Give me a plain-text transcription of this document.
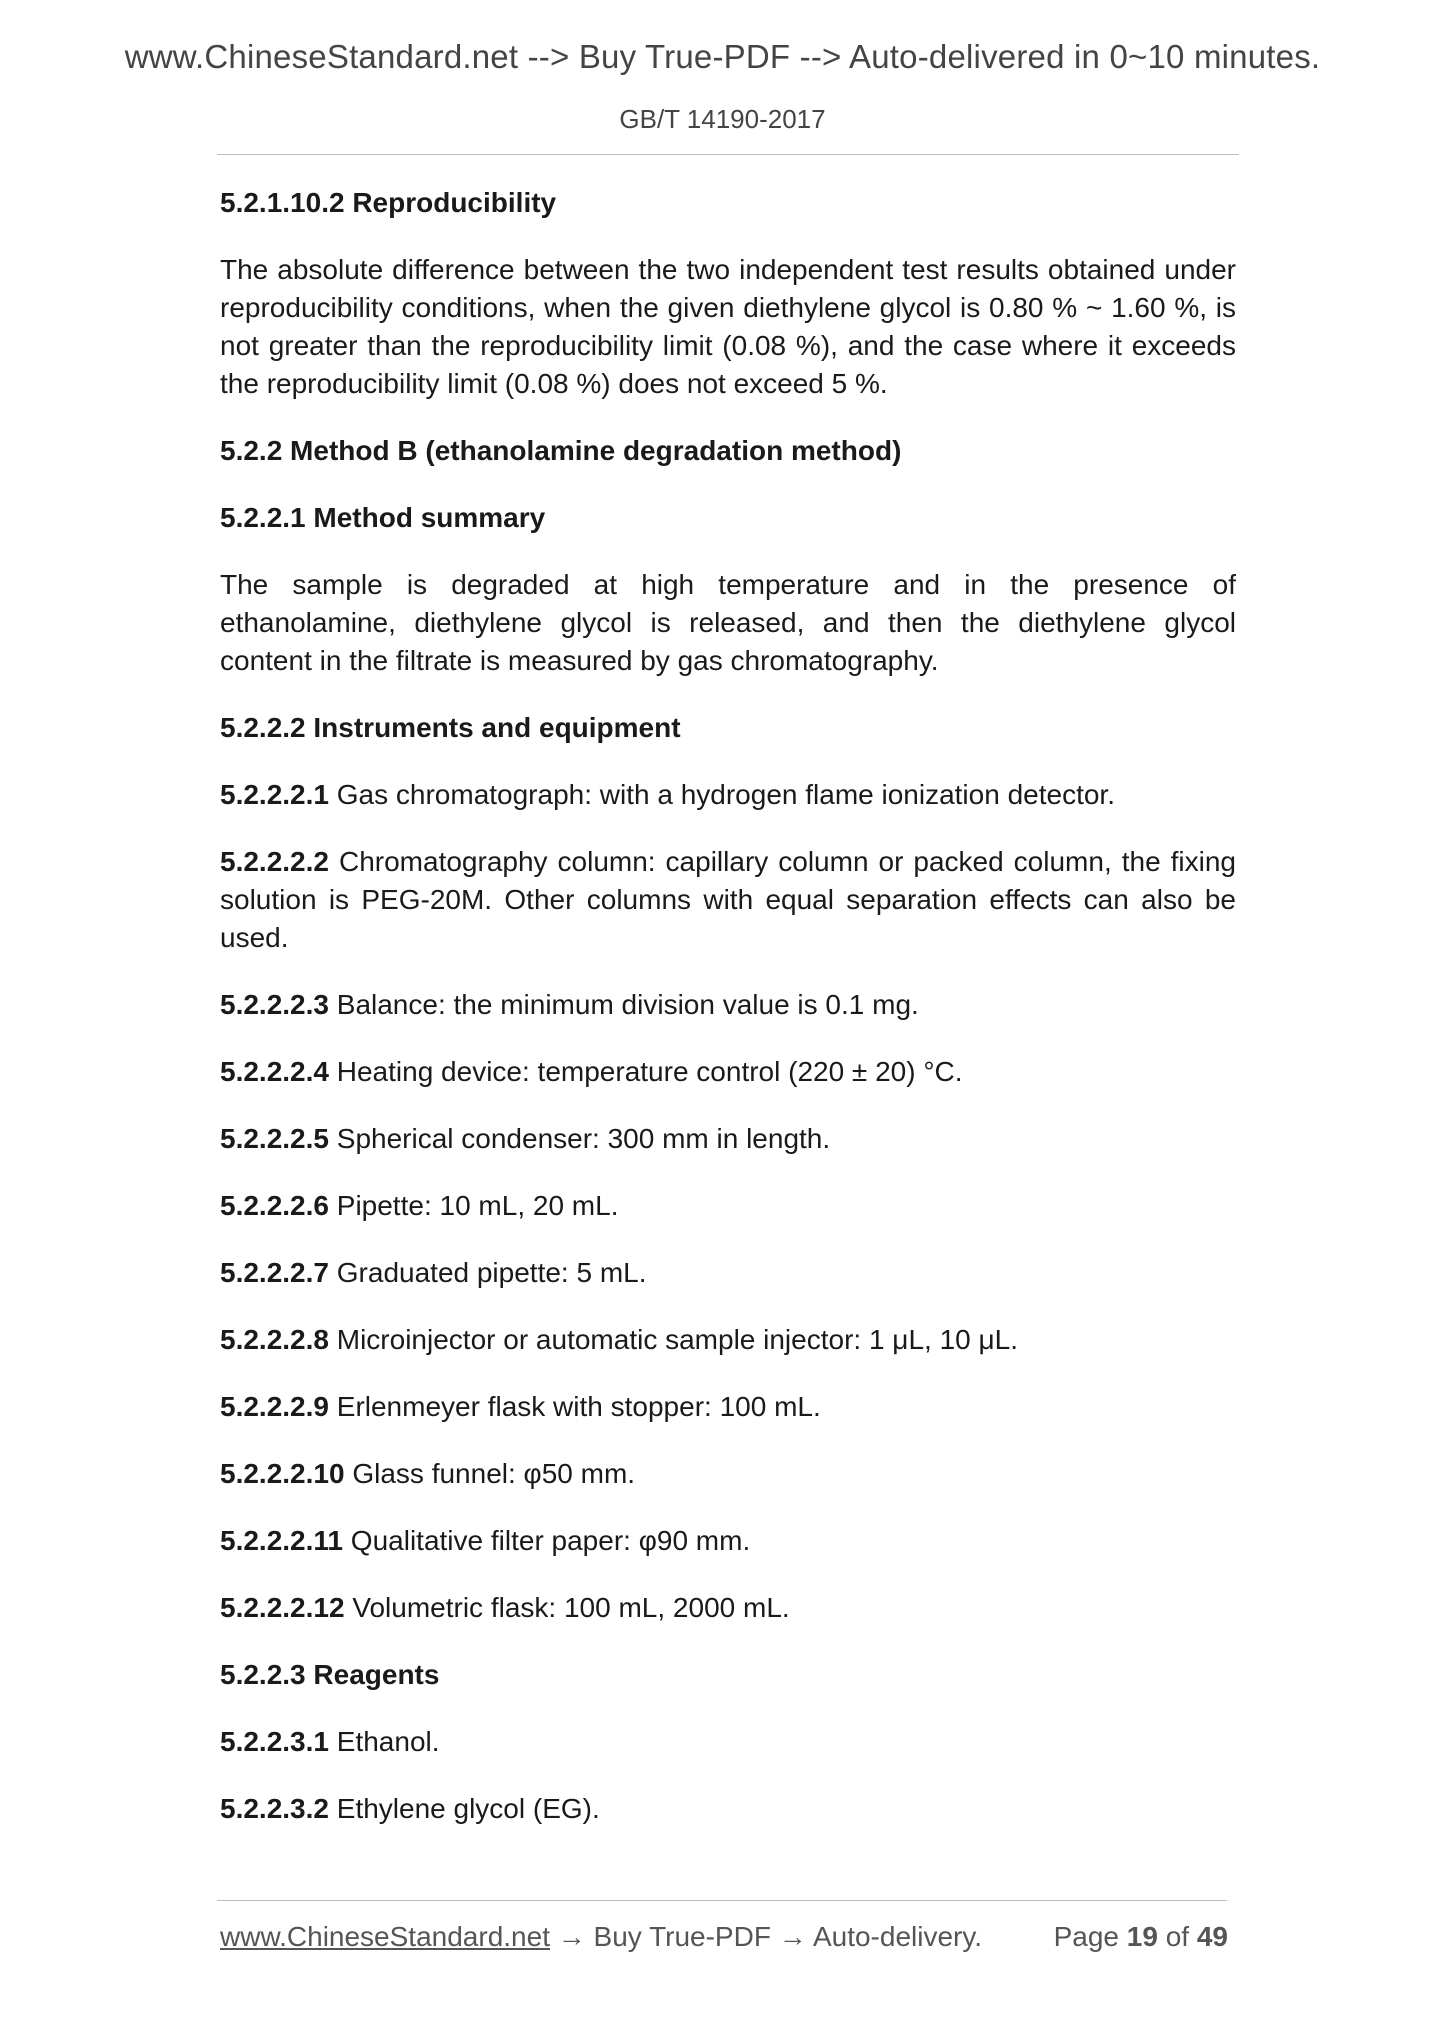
www.ChineseStandard.net --> Buy True-PDF --> Auto-delivered in 0~10 minutes.
GB/T 14190-2017

5.2.1.10.2 Reproducibility

The absolute difference between the two independent test results obtained under reproducibility conditions, when the given diethylene glycol is 0.80 % ~ 1.60 %, is not greater than the reproducibility limit (0.08 %), and the case where it exceeds the reproducibility limit (0.08 %) does not exceed 5 %.

5.2.2 Method B (ethanolamine degradation method)

5.2.2.1 Method summary

The sample is degraded at high temperature and in the presence of ethanolamine, diethylene glycol is released, and then the diethylene glycol content in the filtrate is measured by gas chromatography.

5.2.2.2 Instruments and equipment

5.2.2.2.1 Gas chromatograph: with a hydrogen flame ionization detector.

5.2.2.2.2 Chromatography column: capillary column or packed column, the fixing solution is PEG-20M. Other columns with equal separation effects can also be used.

5.2.2.2.3 Balance: the minimum division value is 0.1 mg.

5.2.2.2.4 Heating device: temperature control (220 ± 20) °C.

5.2.2.2.5 Spherical condenser: 300 mm in length.

5.2.2.2.6 Pipette: 10 mL, 20 mL.

5.2.2.2.7 Graduated pipette: 5 mL.

5.2.2.2.8 Microinjector or automatic sample injector: 1 μL, 10 μL.

5.2.2.2.9 Erlenmeyer flask with stopper: 100 mL.

5.2.2.2.10 Glass funnel: φ50 mm.

5.2.2.2.11 Qualitative filter paper: φ90 mm.

5.2.2.2.12 Volumetric flask: 100 mL, 2000 mL.

5.2.2.3 Reagents

5.2.2.3.1 Ethanol.

5.2.2.3.2 Ethylene glycol (EG).

www.ChineseStandard.net → Buy True-PDF → Auto-delivery.	Page 19 of 49
